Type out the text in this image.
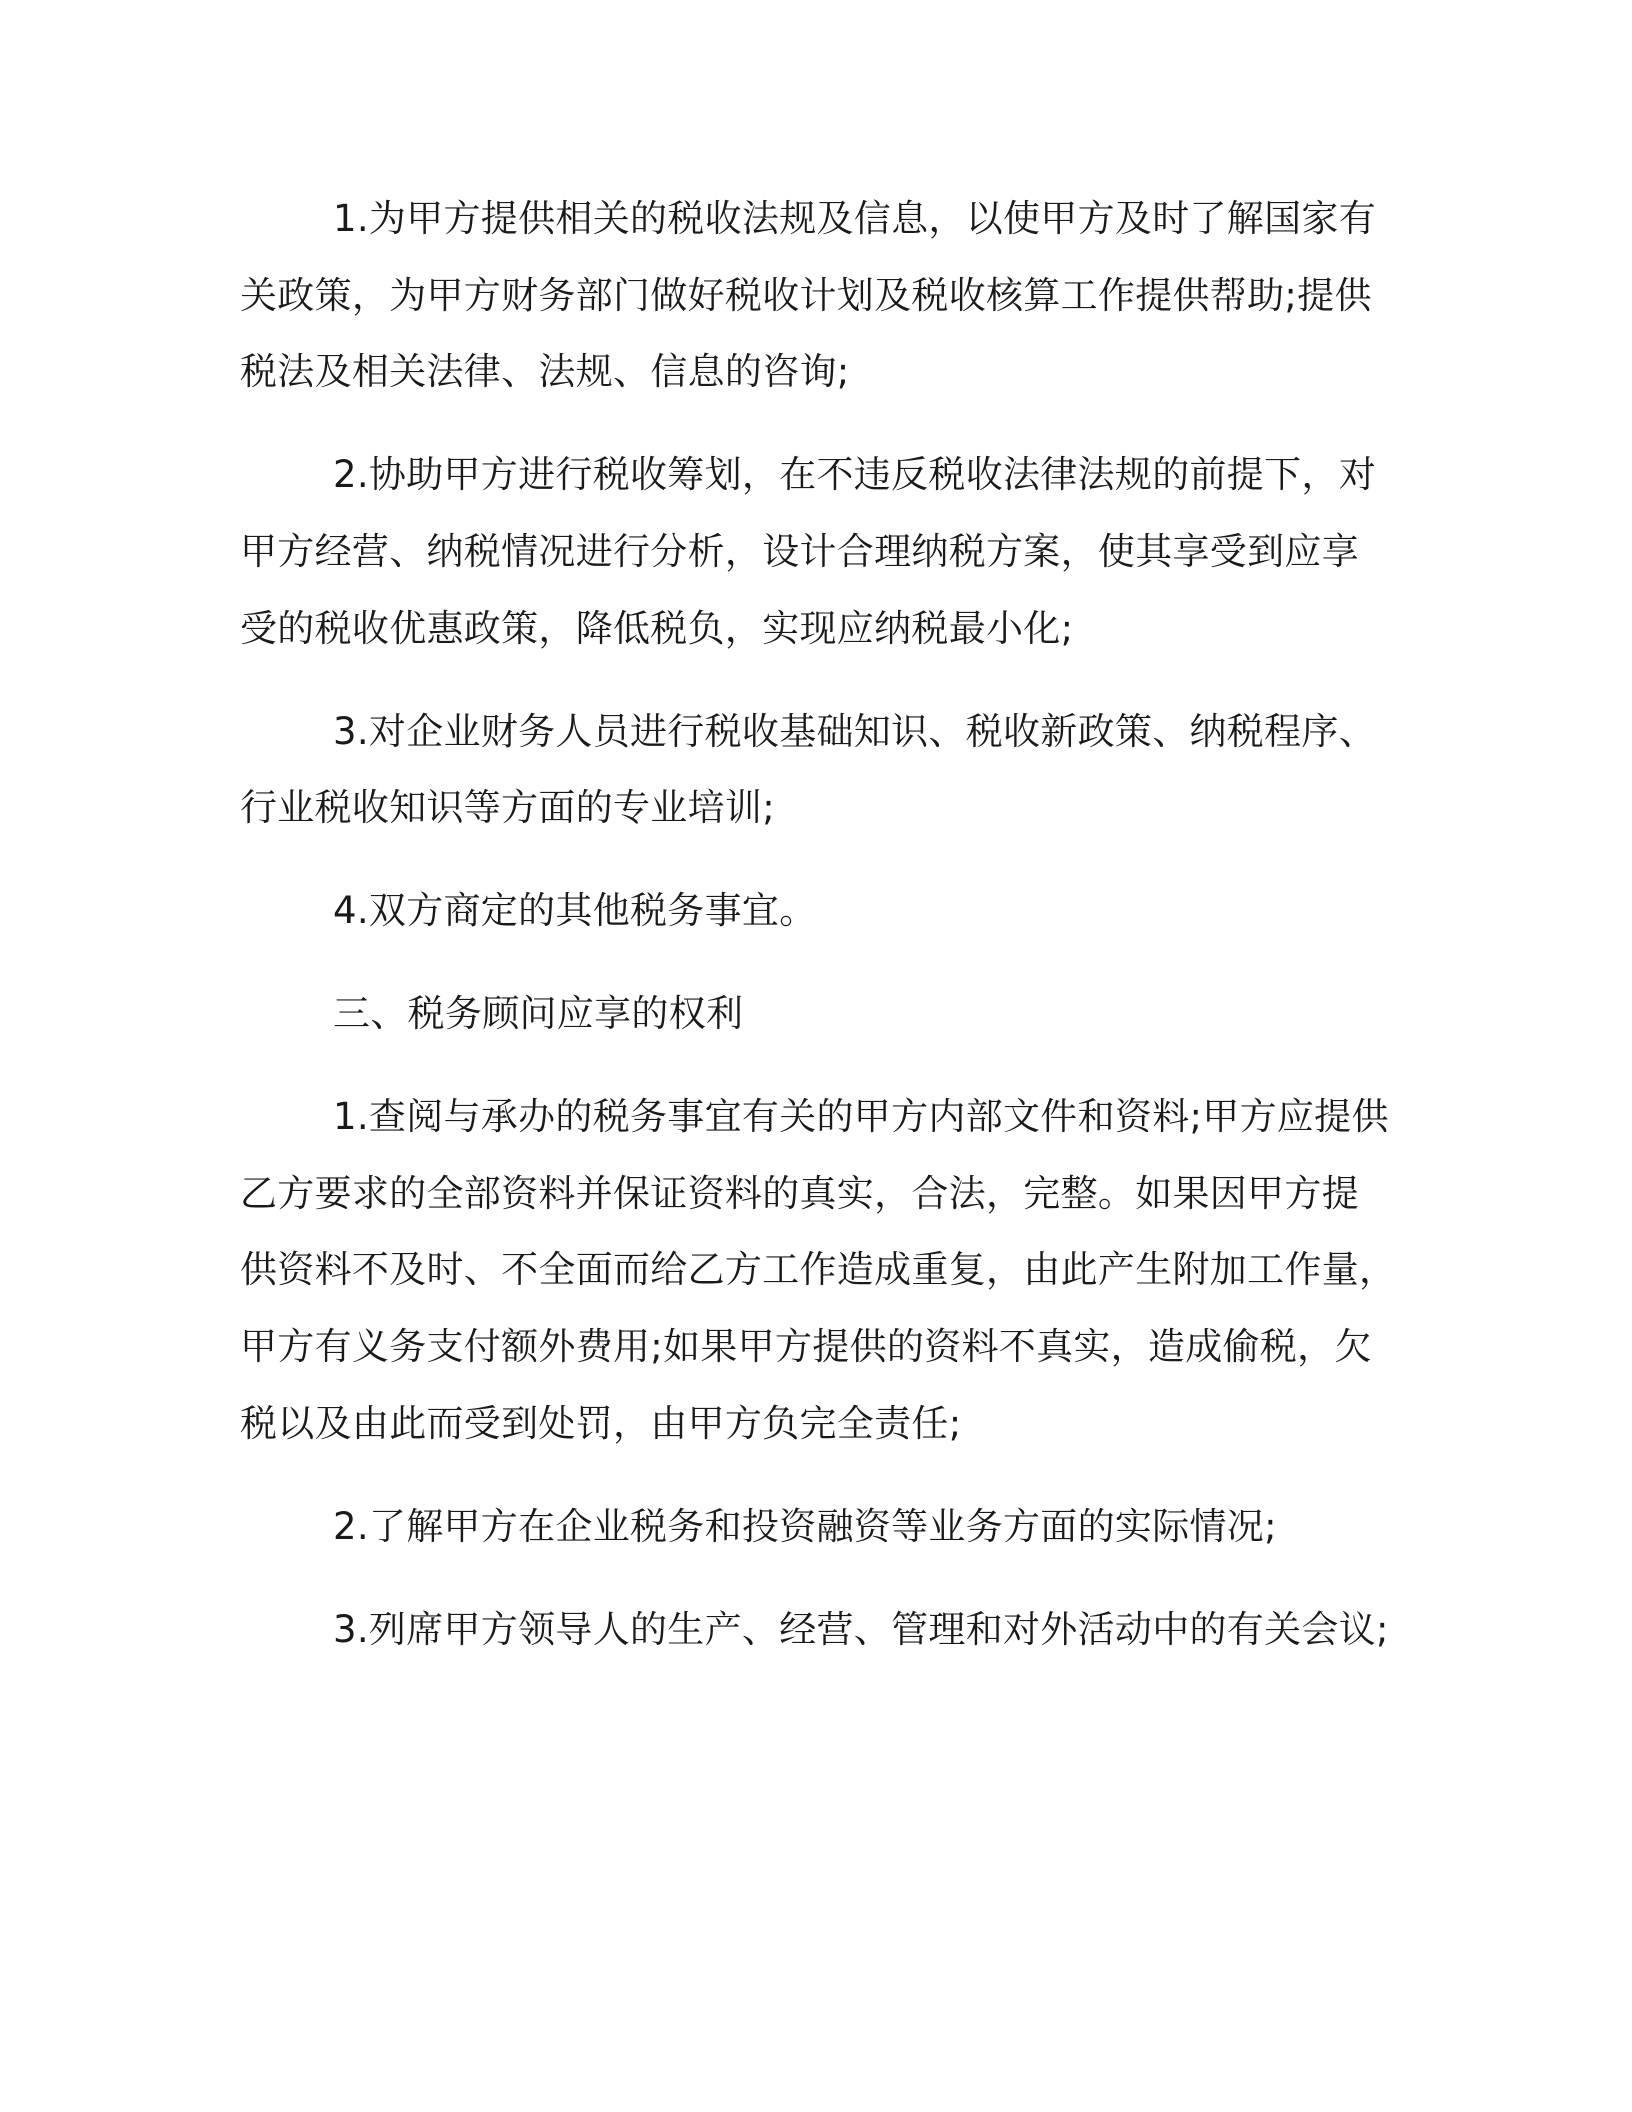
1.为甲方提供相关的税收法规及信息，以使甲方及时了解国家有
关政策，为甲方财务部门做好税收计划及税收核算工作提供帮助;提供
税法及相关法律、法规、信息的咨询;
2.协助甲方进行税收筹划，在不违反税收法律法规的前提下，对
甲方经营、纳税情况进行分析，设计合理纳税方案，使其享受到应享
受的税收优惠政策，降低税负，实现应纳税最小化;
3.对企业财务人员进行税收基础知识、税收新政策、纳税程序、
行业税收知识等方面的专业培训;
4.双方商定的其他税务事宜。
三、税务顾问应享的权利
1.查阅与承办的税务事宜有关的甲方内部文件和资料;甲方应提供
乙方要求的全部资料并保证资料的真实，合法，完整。如果因甲方提
供资料不及时、不全面而给乙方工作造成重复，由此产生附加工作量，
甲方有义务支付额外费用;如果甲方提供的资料不真实，造成偷税，欠
税以及由此而受到处罚，由甲方负完全责任;
2.了解甲方在企业税务和投资融资等业务方面的实际情况;
3.列席甲方领导人的生产、经营、管理和对外活动中的有关会议;
